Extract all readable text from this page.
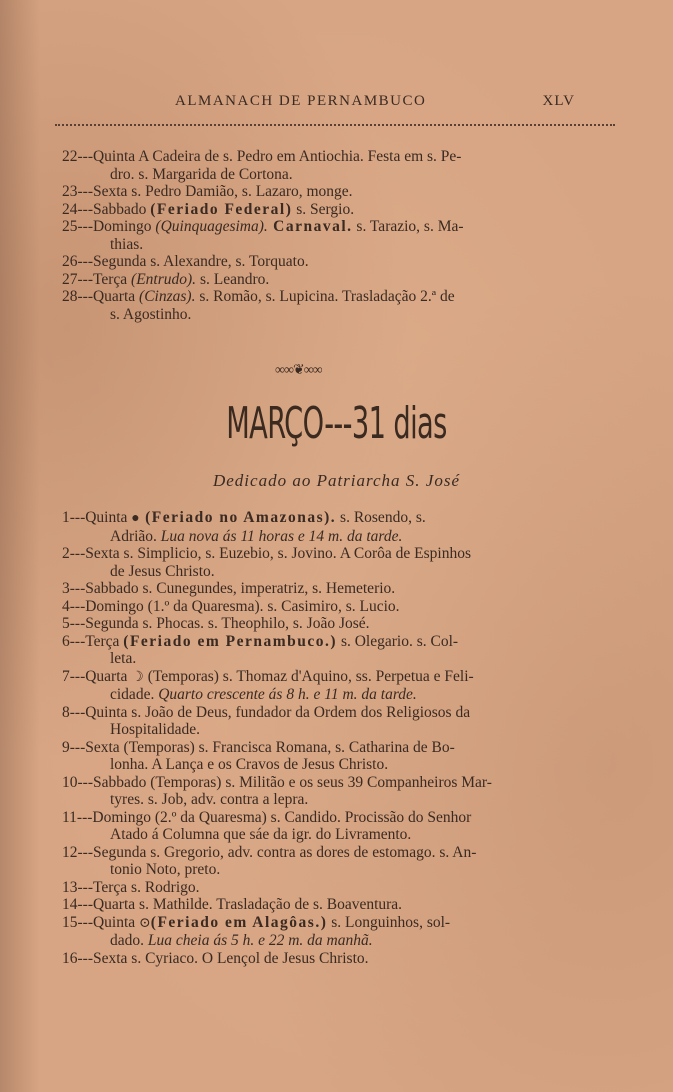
ALMANACH DE PERNAMBUCO	XLV

22---Quinta A Cadeira de s. Pedro em Antiochia. Festa em s. Pe-
dro. s. Margarida de Cortona.

23---Sexta s. Pedro Damião, s. Lazaro, monge.

24---Sabbado (Feriado Federal) s. Sergio.

25---Domingo (Quinquagesima). Carnaval. s. Tarazio, s. Ma-
thias.

26---Segunda s. Alexandre, s. Torquato.

27---Terça (Entrudo). s. Leandro.

28---Quarta (Cinzas). s. Romão, s. Lupicina. Trasladação 2.ª de
s. Agostinho.

∞∞❦∞∞
MARÇO---31 dias
Dedicado ao Patriarcha S. José

1---Quinta ● (Feriado no Amazonas). s. Rosendo, s.
Adrião. Lua nova ás 11 horas e 14 m. da tarde.

2---Sexta s. Simplicio, s. Euzebio, s. Jovino. A Corôa de Espinhos
de Jesus Christo.

3---Sabbado s. Cunegundes, imperatriz, s. Hemeterio.

4---Domingo (1.º da Quaresma). s. Casimiro, s. Lucio.

5---Segunda s. Phocas. s. Theophilo, s. João José.

6---Terça (Feriado em Pernambuco.) s. Olegario. s. Col-
leta.

7---Quarta ☽ (Temporas) s. Thomaz d'Aquino, ss. Perpetua e Feli-
cidade. Quarto crescente ás 8 h. e 11 m. da tarde.

8---Quinta s. João de Deus, fundador da Ordem dos Religiosos da
Hospitalidade.

9---Sexta (Temporas) s. Francisca Romana, s. Catharina de Bo-
lonha. A Lança e os Cravos de Jesus Christo.

10---Sabbado (Temporas) s. Militão e os seus 39 Companheiros Mar-
tyres. s. Job, adv. contra a lepra.

11---Domingo (2.º da Quaresma) s. Candido. Procissão do Senhor
Atado á Columna que sáe da igr. do Livramento.

12---Segunda s. Gregorio, adv. contra as dores de estomago. s. An-
tonio Noto, preto.

13---Terça s. Rodrigo.

14---Quarta s. Mathilde. Trasladação de s. Boaventura.

15---Quinta ⊙(Feriado em Alagôas.) s. Longuinhos, sol-
dado. Lua cheia ás 5 h. e 22 m. da manhã.

16---Sexta s. Cyriaco. O Lençol de Jesus Christo.
